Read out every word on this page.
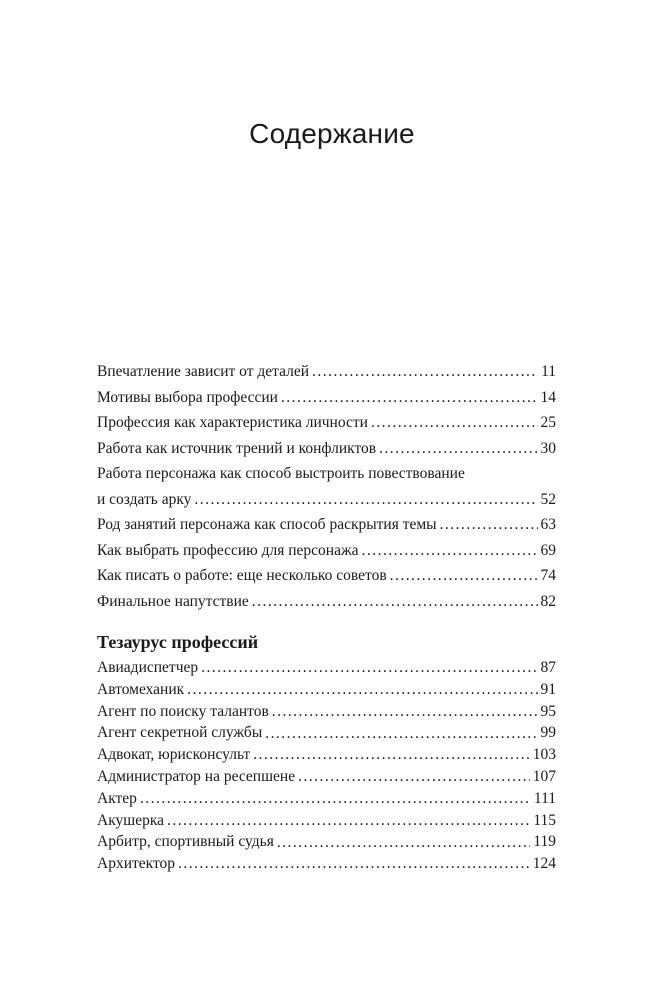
Содержание
Впечатление зависит от деталей . . .	11
Мотивы выбора профессии . . .	14
Профессия как характеристика личности . . .	25
Работа как источник трений и конфликтов . . .	30
Работа персонажа как способ выстроить повествование
и создать арку . . .	52
Род занятий персонажа как способ раскрытия темы . . .	63
Как выбрать профессию для персонажа . . .	69
Как писать о работе: еще несколько советов . . .	74
Финальное напутствие . . .	82
Тезаурус профессий
Авиадиспетчер . . .	87
Автомеханик . . .	91
Агент по поиску талантов . . .	95
Агент секретной службы . . .	99
Адвокат, юрисконсульт . . .	103
Администратор на ресепшене . . .	107
Актер . . .	111
Акушерка . . .	115
Арбитр, спортивный судья . . .	119
Архитектор . . .	124
